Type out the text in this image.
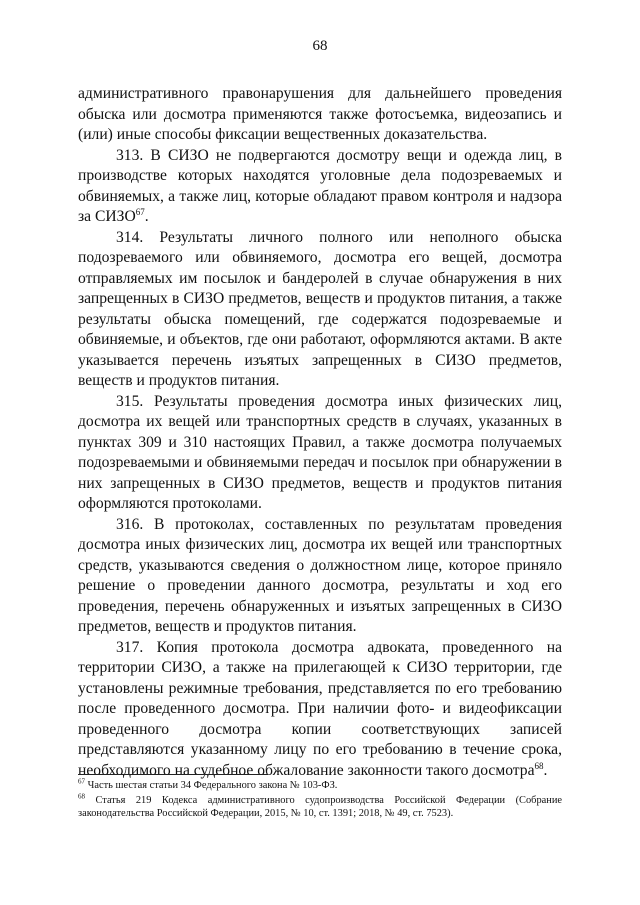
68

административного правонарушения для дальнейшего проведения обыска или досмотра применяются также фотосъемка, видеозапись и (или) иные способы фиксации вещественных доказательства.

313. В СИЗО не подвергаются досмотру вещи и одежда лиц, в производстве которых находятся уголовные дела подозреваемых и обвиняемых, а также лиц, которые обладают правом контроля и надзора за СИЗО$^{67}$.

314. Результаты личного полного или неполного обыска подозреваемого или обвиняемого, досмотра его вещей, досмотра отправляемых им посылок и бандеролей в случае обнаружения в них запрещенных в СИЗО предметов, веществ и продуктов питания, а также результаты обыска помещений, где содержатся подозреваемые и обвиняемые, и объектов, где они работают, оформляются актами. В акте указывается перечень изъятых запрещенных в СИЗО предметов, веществ и продуктов питания.

315. Результаты проведения досмотра иных физических лиц, досмотра их вещей или транспортных средств в случаях, указанных в пунктах 309 и 310 настоящих Правил, а также досмотра получаемых подозреваемыми и обвиняемыми передач и посылок при обнаружении в них запрещенных в СИЗО предметов, веществ и продуктов питания оформляются протоколами.

316. В протоколах, составленных по результатам проведения досмотра иных физических лиц, досмотра их вещей или транспортных средств, указываются сведения о должностном лице, которое приняло решение о проведении данного досмотра, результаты и ход его проведения, перечень обнаруженных и изъятых запрещенных в СИЗО предметов, веществ и продуктов питания.

317. Копия протокола досмотра адвоката, проведенного на территории СИЗО, а также на прилегающей к СИЗО территории, где установлены режимные требования, представляется по его требованию после проведенного досмотра. При наличии фото- и видеофиксации проведенного досмотра копии соответствующих записей представляются указанному лицу по его требованию в течение срока, необходимого на судебное обжалование законности такого досмотра$^{68}$.

$^{67}$ Часть шестая статьи 34 Федерального закона № 103-ФЗ.

$^{68}$ Статья 219 Кодекса административного судопроизводства Российской Федерации (Собрание законодательства Российской Федерации, 2015, № 10, ст. 1391; 2018, № 49, ст. 7523).
